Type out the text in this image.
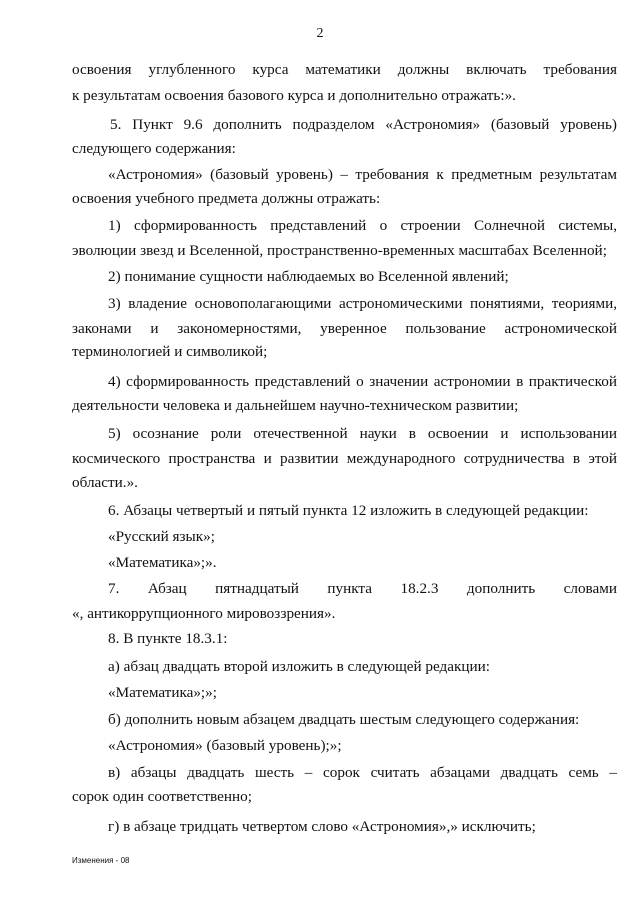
2
освоения углубленного курса математики должны включать требования
к результатам освоения базового курса и дополнительно отражать:».
5. Пункт 9.6 дополнить подразделом «Астрономия» (базовый уровень)
следующего содержания:
«Астрономия» (базовый уровень) – требования к предметным результатам
освоения учебного предмета должны отражать:
1) сформированность представлений о строении Солнечной системы,
эволюции звезд и Вселенной, пространственно-временных масштабах Вселенной;
2) понимание сущности наблюдаемых во Вселенной явлений;
3) владение основополагающими астрономическими понятиями, теориями,
законами и закономерностями, уверенное пользование астрономической
терминологией и символикой;
4) сформированность представлений о значении астрономии в практической
деятельности человека и дальнейшем научно-техническом развитии;
5) осознание роли отечественной науки в освоении и использовании
космического пространства и развитии международного сотрудничества в этой
области.».
6. Абзацы четвертый и пятый пункта 12 изложить в следующей редакции:
«Русский язык»;
«Математика»;».
7. Абзац пятнадцатый пункта 18.2.3 дополнить словами
«, антикоррупционного мировоззрения».
8. В пункте 18.3.1:
а) абзац двадцать второй изложить в следующей редакции:
«Математика»;»;
б) дополнить новым абзацем двадцать шестым следующего содержания:
«Астрономия» (базовый уровень);»;
в) абзацы двадцать шесть – сорок считать абзацами двадцать семь –
сорок один соответственно;
г) в абзаце тридцать четвертом слово «Астрономия»,» исключить;
Изменения - 08
